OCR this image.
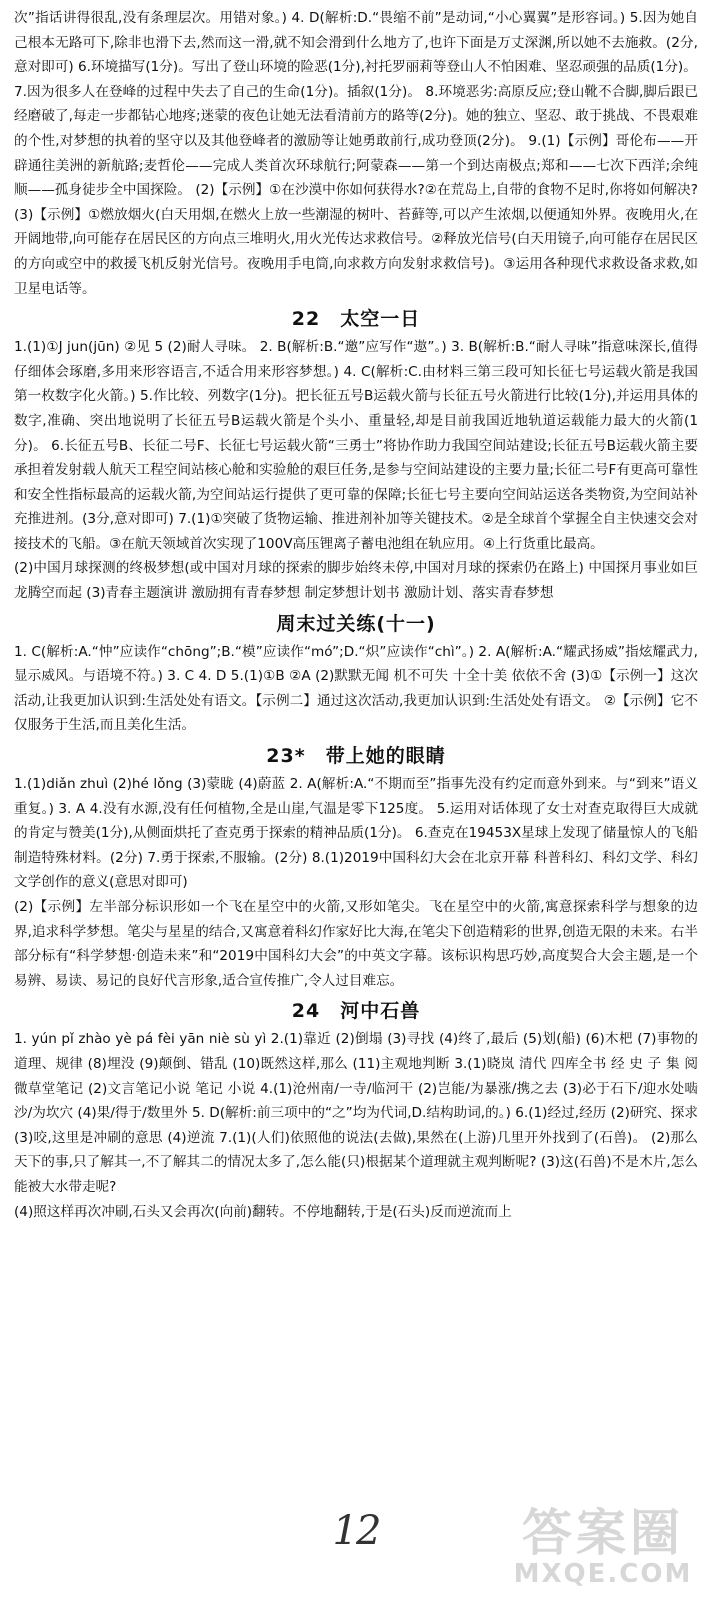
次”指话讲得很乱,没有条理层次。用错对象。) 4. D(解析:D.“畏缩不前”是动词,“小心翼翼”是形容词。) 5.因为她自己根本无路可下,除非也滑下去,然而这一滑,就不知会滑到什么地方了,也许下面是万丈深渊,所以她不去施救。(2分,意对即可) 6.环境描写(1分)。写出了登山环境的险恶(1分),衬托罗丽莉等登山人不怕困难、坚忍顽强的品质(1分)。

7.因为很多人在登峰的过程中失去了自己的生命(1分)。插叙(1分)。 8.环境恶劣:高原反应;登山靴不合脚,脚后跟已经磨破了,每走一步都钻心地疼;迷蒙的夜色让她无法看清前方的路等(2分)。她的独立、坚忍、敢于挑战、不畏艰难的个性,对梦想的执着的坚守以及其他登峰者的激励等让她勇敢前行,成功登顶(2分)。 9.(1)【示例】哥伦布——开辟通往美洲的新航路;麦哲伦——完成人类首次环球航行;阿蒙森——第一个到达南极点;郑和——七次下西洋;余纯顺——孤身徒步全中国探险。 (2)【示例】①在沙漠中你如何获得水?②在荒岛上,自带的食物不足时,你将如何解决? (3)【示例】①燃放烟火(白天用烟,在燃火上放一些潮湿的树叶、苔藓等,可以产生浓烟,以便通知外界。夜晚用火,在开阔地带,向可能存在居民区的方向点三堆明火,用火光传达求救信号。②释放光信号(白天用镜子,向可能存在居民区的方向或空中的救援飞机反射光信号。夜晚用手电筒,向求救方向发射求救信号)。③运用各种现代求救设备求救,如卫星电话等。

22 太空一日

1.(1)①J jun(jūn) ②见 5 (2)耐人寻味。 2. B(解析:B.“邀”应写作“遨”。) 3. B(解析:B.“耐人寻味”指意味深长,值得仔细体会琢磨,多用来形容语言,不适合用来形容梦想。) 4. C(解析:C.由材料三第三段可知长征七号运载火箭是我国第一枚数字化火箭。) 5.作比较、列数字(1分)。把长征五号B运载火箭与长征五号火箭进行比较(1分),并运用具体的数字,准确、突出地说明了长征五号B运载火箭是个头小、重量轻,却是目前我国近地轨道运载能力最大的火箭(1分)。 6.长征五号B、长征二号F、长征七号运载火箭“三勇士”将协作助力我国空间站建设;长征五号B运载火箭主要承担着发射载人航天工程空间站核心舱和实验舱的艰巨任务,是参与空间站建设的主要力量;长征二号F有更高可靠性和安全性指标最高的运载火箭,为空间站运行提供了更可靠的保障;长征七号主要向空间站运送各类物资,为空间站补充推进剂。(3分,意对即可) 7.(1)①突破了货物运输、推进剂补加等关键技术。②是全球首个掌握全自主快速交会对接技术的飞船。③在航天领域首次实现了100V高压锂离子蓄电池组在轨应用。④上行货重比最高。

(2)中国月球探测的终极梦想(或中国对月球的探索的脚步始终未停,中国对月球的探索仍在路上) 中国探月事业如巨龙腾空而起 (3)青春主题演讲 激励拥有青春梦想 制定梦想计划书 激励计划、落实青春梦想

周末过关练(十一)

1. C(解析:A.“忡”应读作“chōng”;B.“模”应读作“mó”;D.“炽”应读作“chì”。) 2. A(解析:A.“耀武扬威”指炫耀武力,显示威风。与语境不符。) 3. C 4. D 5.(1)①B ②A (2)默默无闻 机不可失 十全十美 依依不舍 (3)①【示例一】这次活动,让我更加认识到:生活处处有语文。【示例二】通过这次活动,我更加认识到:生活处处有语文。 ②【示例】它不仅服务于生活,而且美化生活。

23* 带上她的眼睛

1.(1)diǎn zhuì (2)hé lǒng (3)蒙眬 (4)蔚蓝 2. A(解析:A.“不期而至”指事先没有约定而意外到来。与“到来”语义重复。) 3. A 4.没有水源,没有任何植物,全是山崖,气温是零下125度。 5.运用对话体现了女士对查克取得巨大成就的肯定与赞美(1分),从侧面烘托了查克勇于探索的精神品质(1分)。 6.查克在19453X星球上发现了储量惊人的飞船制造特殊材料。(2分) 7.勇于探索,不服输。(2分) 8.(1)2019中国科幻大会在北京开幕 科普科幻、科幻文学、科幻文学创作的意义(意思对即可)

(2)【示例】左半部分标识形如一个飞在星空中的火箭,又形如笔尖。飞在星空中的火箭,寓意探索科学与想象的边界,追求科学梦想。笔尖与星星的结合,又寓意着科幻作家好比大海,在笔尖下创造精彩的世界,创造无限的未来。右半部分标有“科学梦想·创造未来”和“2019中国科幻大会”的中英文字幕。该标识构思巧妙,高度契合大会主题,是一个易辨、易读、易记的良好代言形象,适合宣传推广,令人过目难忘。

24 河中石兽

1. yún pǐ zhào yè pá fèi yān niè sù yì 2.(1)靠近 (2)倒塌 (3)寻找 (4)终了,最后 (5)划(船) (6)木杷 (7)事物的道理、规律 (8)埋没 (9)颠倒、错乱 (10)既然这样,那么 (11)主观地判断 3.(1)晓岚 清代 四库全书 经 史 子 集 阅微草堂笔记 (2)文言笔记小说 笔记 小说 4.(1)沧州南/一寺/临河干 (2)岂能/为暴涨/携之去 (3)必于石下/迎水处啮沙/为坎穴 (4)果/得于/数里外 5. D(解析:前三项中的“之”均为代词,D.结构助词,的。) 6.(1)经过,经历 (2)研究、探求 (3)咬,这里是冲刷的意思 (4)逆流 7.(1)(人们)依照他的说法(去做),果然在(上游)几里开外找到了(石兽)。 (2)那么天下的事,只了解其一,不了解其二的情况太多了,怎么能(只)根据某个道理就主观判断呢? (3)这(石兽)不是木片,怎么能被大水带走呢?

(4)照这样再次冲刷,石头又会再次(向前)翻转。不停地翻转,于是(石头)反而逆流而上

12	答案圈
MXQE.COM
